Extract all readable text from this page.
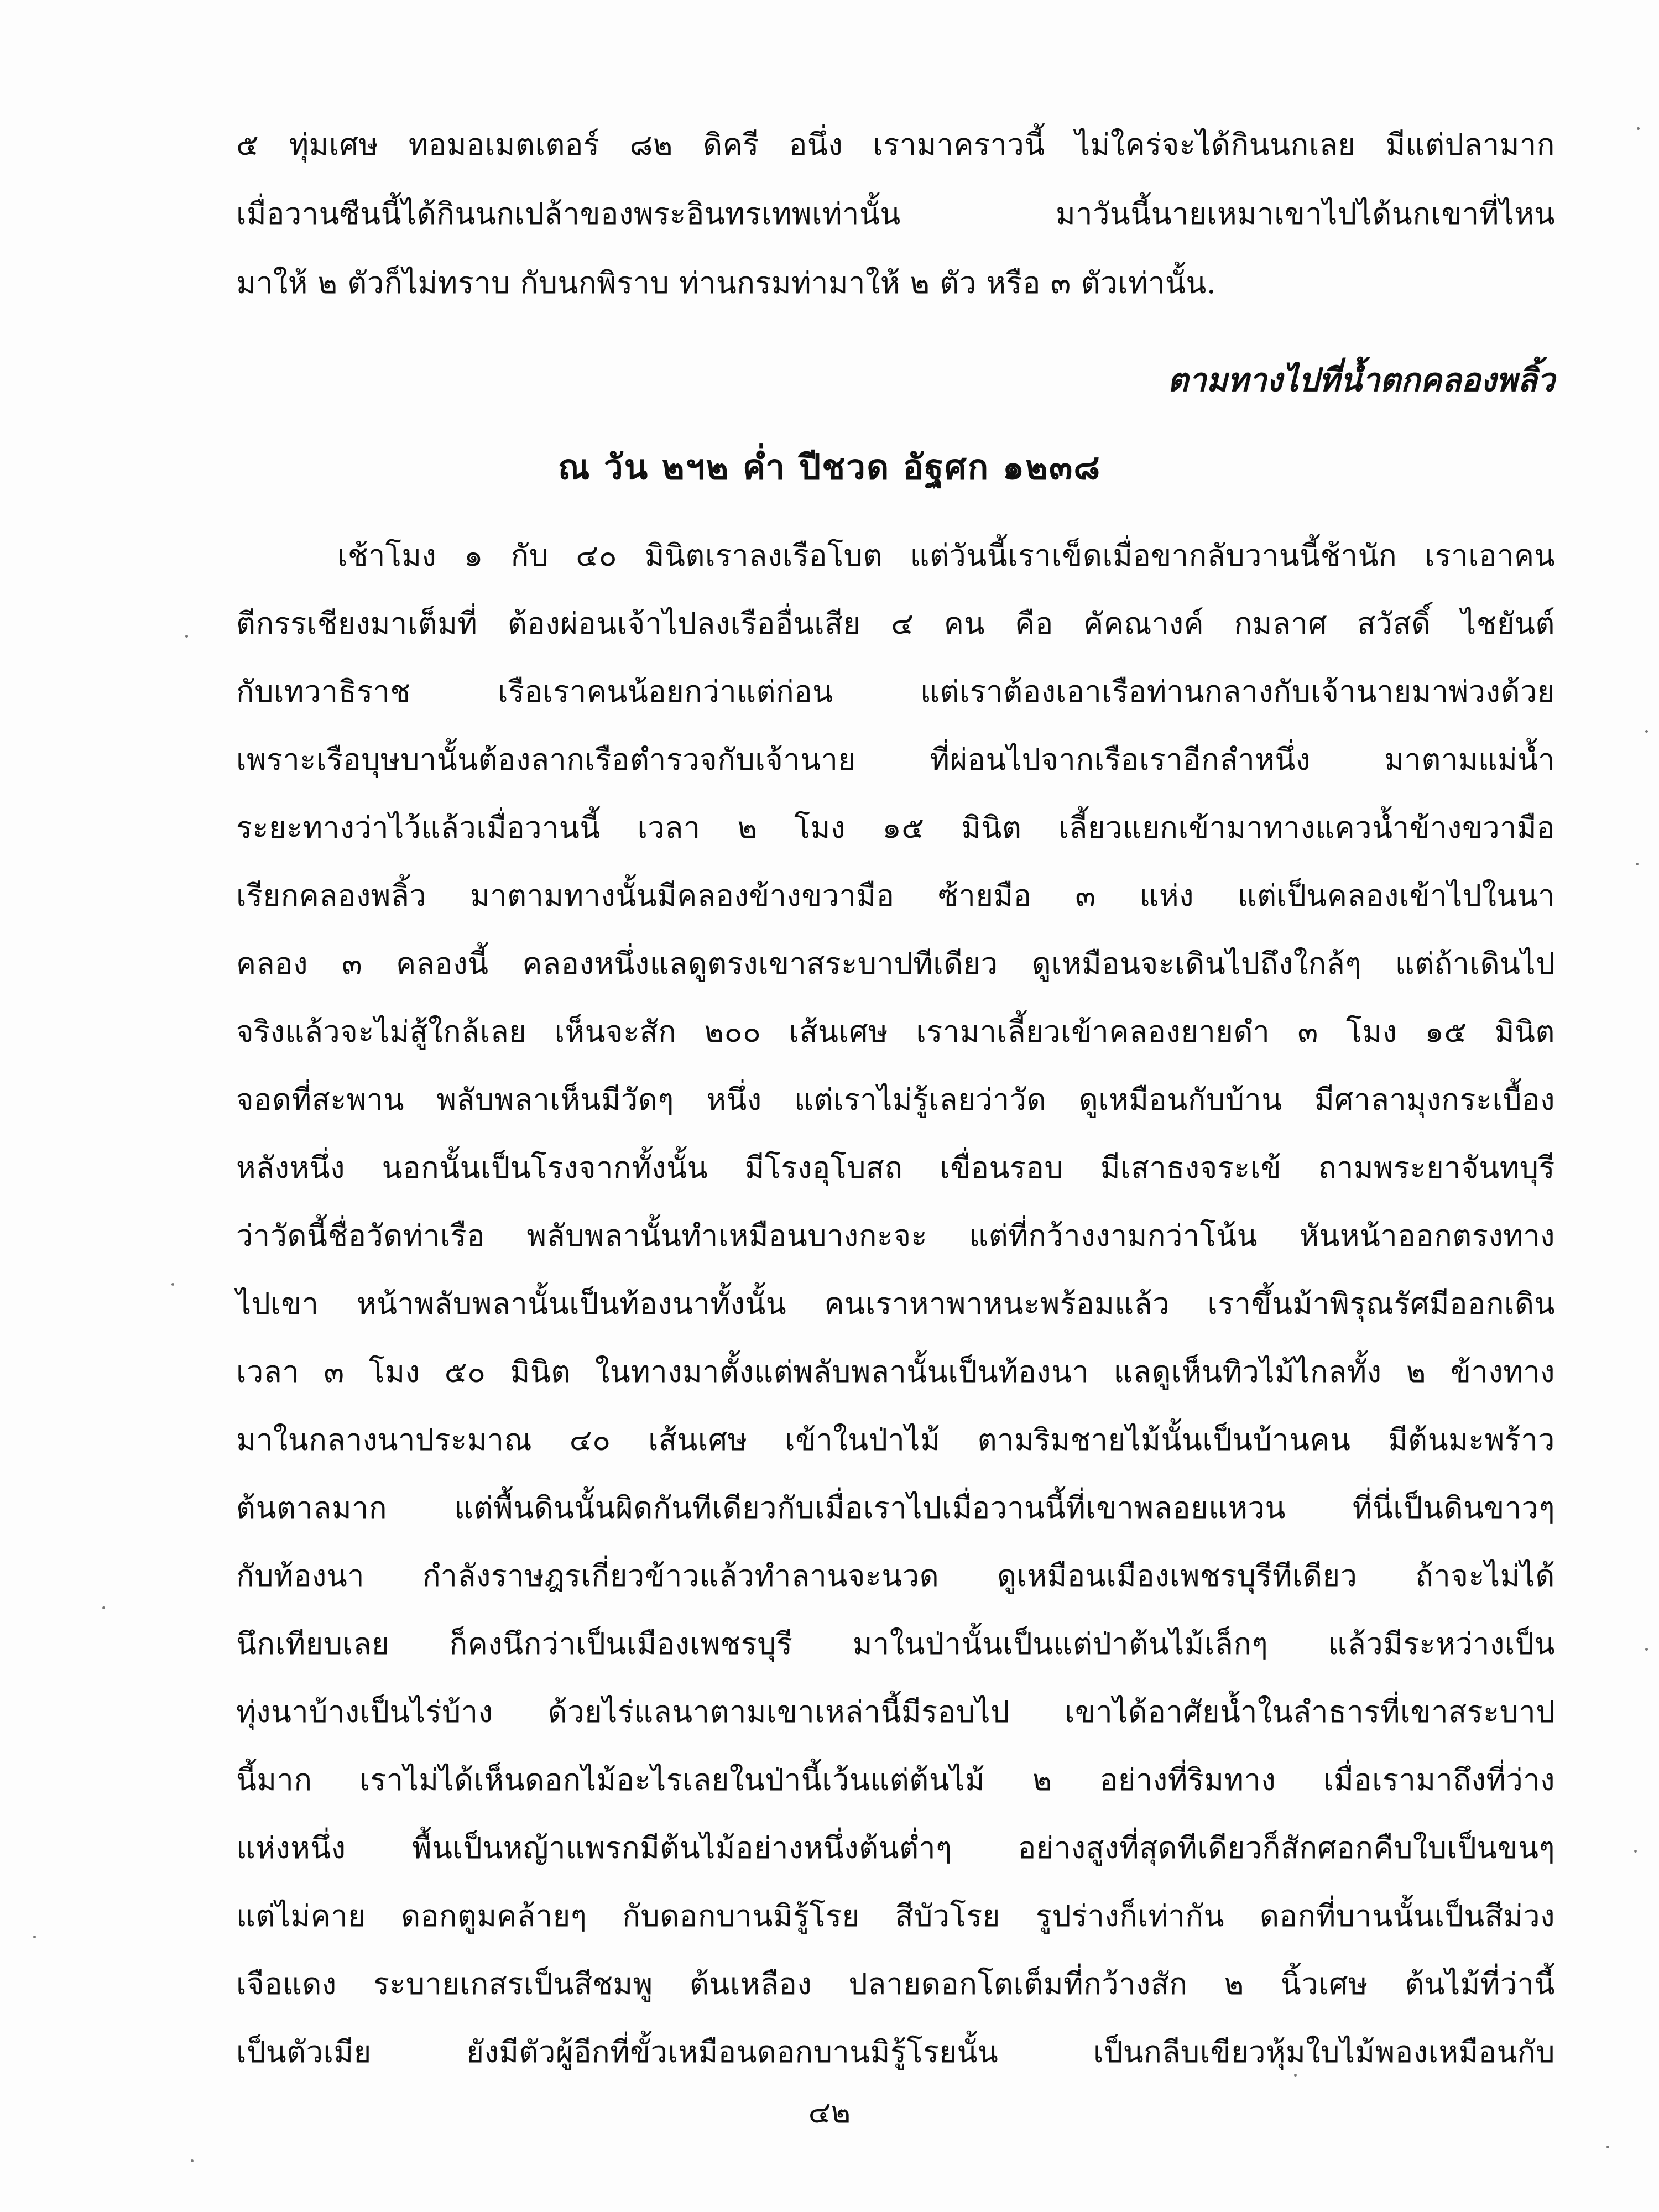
๕ ทุ่มเศษ ทอมอเมตเตอร์ ๘๒ ดิครี อนึ่ง เรามาคราวนี้ ไม่ใคร่จะได้กินนกเลย มีแต่ปลามาก
เมื่อวานซืนนี้ได้กินนกเปล้าของพระอินทรเทพเท่านั้น มาวันนี้นายเหมาเขาไปได้นกเขาที่ไหน
มาให้ ๒ ตัวก็ไม่ทราบ กับนกพิราบ ท่านกรมท่ามาให้ ๒ ตัว หรือ ๓ ตัวเท่านั้น.
ตามทางไปที่น้ำตกคลองพลิ้ว
ณ วัน ๒ฯ๒ ค่ำ ปีชวด อัฐศก ๑๒๓๘
เช้าโมง ๑ กับ ๔๐ มินิตเราลงเรือโบต แต่วันนี้เราเข็ดเมื่อขากลับวานนี้ช้านัก เราเอาคน
ตีกรรเชียงมาเต็มที่ ต้องผ่อนเจ้าไปลงเรืออื่นเสีย ๔ คน คือ คัคณางค์ กมลาศ สวัสดิ์ ไชยันต์
กับเทวาธิราช เรือเราคนน้อยกว่าแต่ก่อน แต่เราต้องเอาเรือท่านกลางกับเจ้านายมาพ่วงด้วย
เพราะเรือบุษบานั้นต้องลากเรือตำรวจกับเจ้านาย ที่ผ่อนไปจากเรือเราอีกลำหนึ่ง มาตามแม่น้ำ
ระยะทางว่าไว้แล้วเมื่อวานนี้ เวลา ๒ โมง ๑๕ มินิต เลี้ยวแยกเข้ามาทางแควน้ำข้างขวามือ
เรียกคลองพลิ้ว มาตามทางนั้นมีคลองข้างขวามือ ซ้ายมือ ๓ แห่ง แต่เป็นคลองเข้าไปในนา
คลอง ๓ คลองนี้ คลองหนึ่งแลดูตรงเขาสระบาปทีเดียว ดูเหมือนจะเดินไปถึงใกล้ๆ แต่ถ้าเดินไป
จริงแล้วจะไม่สู้ใกล้เลย เห็นจะสัก ๒๐๐ เส้นเศษ เรามาเลี้ยวเข้าคลองยายดำ ๓ โมง ๑๕ มินิต
จอดที่สะพาน พลับพลาเห็นมีวัดๆ หนึ่ง แต่เราไม่รู้เลยว่าวัด ดูเหมือนกับบ้าน มีศาลามุงกระเบื้อง
หลังหนึ่ง นอกนั้นเป็นโรงจากทั้งนั้น มีโรงอุโบสถ เขื่อนรอบ มีเสาธงจระเข้ ถามพระยาจันทบุรี
ว่าวัดนี้ชื่อวัดท่าเรือ พลับพลานั้นทำเหมือนบางกะจะ แต่ที่กว้างงามกว่าโน้น หันหน้าออกตรงทาง
ไปเขา หน้าพลับพลานั้นเป็นท้องนาทั้งนั้น คนเราหาพาหนะพร้อมแล้ว เราขึ้นม้าพิรุณรัศมีออกเดิน
เวลา ๓ โมง ๕๐ มินิต ในทางมาตั้งแต่พลับพลานั้นเป็นท้องนา แลดูเห็นทิวไม้ไกลทั้ง ๒ ข้างทาง
มาในกลางนาประมาณ ๔๐ เส้นเศษ เข้าในป่าไม้ ตามริมชายไม้นั้นเป็นบ้านคน มีต้นมะพร้าว
ต้นตาลมาก แต่พื้นดินนั้นผิดกันทีเดียวกับเมื่อเราไปเมื่อวานนี้ที่เขาพลอยแหวน ที่นี่เป็นดินขาวๆ
กับท้องนา กำลังราษฎรเกี่ยวข้าวแล้วทำลานจะนวด ดูเหมือนเมืองเพชรบุรีทีเดียว ถ้าจะไม่ได้
นึกเทียบเลย ก็คงนึกว่าเป็นเมืองเพชรบุรี มาในป่านั้นเป็นแต่ป่าต้นไม้เล็กๆ แล้วมีระหว่างเป็น
ทุ่งนาบ้างเป็นไร่บ้าง ด้วยไร่แลนาตามเขาเหล่านี้มีรอบไป เขาได้อาศัยน้ำในลำธารที่เขาสระบาป
นี้มาก เราไม่ได้เห็นดอกไม้อะไรเลยในป่านี้เว้นแต่ต้นไม้ ๒ อย่างที่ริมทาง เมื่อเรามาถึงที่ว่าง
แห่งหนึ่ง พื้นเป็นหญ้าแพรกมีต้นไม้อย่างหนึ่งต้นต่ำๆ อย่างสูงที่สุดทีเดียวก็สักศอกคืบใบเป็นขนๆ
แต่ไม่คาย ดอกตูมคล้ายๆ กับดอกบานมิรู้โรย สีบัวโรย รูปร่างก็เท่ากัน ดอกที่บานนั้นเป็นสีม่วง
เจือแดง ระบายเกสรเป็นสีชมพู ต้นเหลือง ปลายดอกโตเต็มที่กว้างสัก ๒ นิ้วเศษ ต้นไม้ที่ว่านี้
เป็นตัวเมีย ยังมีตัวผู้อีกที่ขั้วเหมือนดอกบานมิรู้โรยนั้น เป็นกลีบเขียวหุ้มใบไม้พองเหมือนกับ
๔๒
